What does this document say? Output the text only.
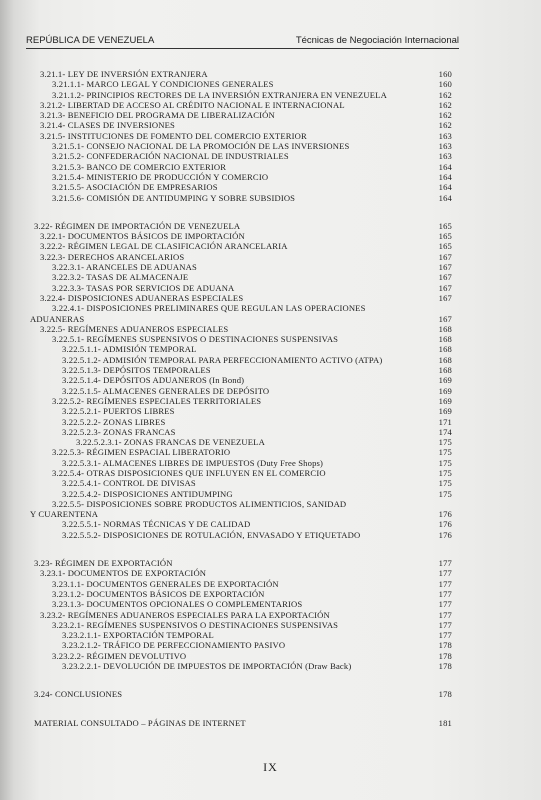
REPÚBLICA DE VENEZUELA	Técnicas de Negociación Internacional
3.21.1- LEY DE INVERSIÓN EXTRANJERA	160
3.21.1.1- MARCO LEGAL Y CONDICIONES GENERALES	160
3.21.1.2- PRINCIPIOS RECTORES DE LA INVERSIÓN EXTRANJERA EN VENEZUELA	162
3.21.2- LIBERTAD DE ACCESO AL CRÉDITO NACIONAL E INTERNACIONAL	162
3.21.3- BENEFICIO DEL PROGRAMA DE LIBERALIZACIÓN	162
3.21.4- CLASES DE INVERSIONES	162
3.21.5- INSTITUCIONES DE FOMENTO DEL COMERCIO EXTERIOR	163
3.21.5.1- CONSEJO NACIONAL DE LA PROMOCIÓN DE LAS INVERSIONES	163
3.21.5.2- CONFEDERACIÓN NACIONAL DE INDUSTRIALES	163
3.21.5.3- BANCO DE COMERCIO EXTERIOR	164
3.21.5.4- MINISTERIO DE PRODUCCIÓN Y COMERCIO	164
3.21.5.5- ASOCIACIÓN DE EMPRESARIOS	164
3.21.5.6- COMISIÓN DE ANTIDUMPING Y SOBRE SUBSIDIOS	164
3.22- RÉGIMEN DE IMPORTACIÓN DE VENEZUELA	165
3.22.1- DOCUMENTOS BÁSICOS DE IMPORTACIÓN	165
3.22.2- RÉGIMEN LEGAL DE CLASIFICACIÓN ARANCELARIA	165
3.22.3- DERECHOS ARANCELARIOS	167
3.22.3.1- ARANCELES DE ADUANAS	167
3.22.3.2- TASAS DE ALMACENAJE	167
3.22.3.3- TASAS POR SERVICIOS DE ADUANA	167
3.22.4- DISPOSICIONES ADUANERAS ESPECIALES	167
3.22.4.1- DISPOSICIONES PRELIMINARES QUE REGULAN LAS OPERACIONES
ADUANERAS	167
3.22.5- REGÍMENES ADUANEROS ESPECIALES	168
3.22.5.1- REGÍMENES SUSPENSIVOS O DESTINACIONES SUSPENSIVAS	168
3.22.5.1.1- ADMISIÓN TEMPORAL	168
3.22.5.1.2- ADMISIÓN TEMPORAL PARA PERFECCIONAMIENTO ACTIVO (ATPA)	168
3.22.5.1.3- DEPÓSITOS TEMPORALES	168
3.22.5.1.4- DEPÓSITOS ADUANEROS (In Bond)	169
3.22.5.1.5- ALMACENES GENERALES DE DEPÓSITO	169
3.22.5.2- REGÍMENES ESPECIALES TERRITORIALES	169
3.22.5.2.1- PUERTOS LIBRES	169
3.22.5.2.2- ZONAS LIBRES	171
3.22.5.2.3- ZONAS FRANCAS	174
3.22.5.2.3.1- ZONAS FRANCAS DE VENEZUELA	175
3.22.5.3- RÉGIMEN ESPACIAL LIBERATORIO	175
3.22.5.3.1- ALMACENES LIBRES DE IMPUESTOS (Duty Free Shops)	175
3.22.5.4- OTRAS DISPOSICIONES QUE INFLUYEN EN EL COMERCIO	175
3.22.5.4.1- CONTROL DE DIVISAS	175
3.22.5.4.2- DISPOSICIONES ANTIDUMPING	175
3.22.5.5- DISPOSICIONES SOBRE PRODUCTOS ALIMENTICIOS, SANIDAD
Y CUARENTENA	176
3.22.5.5.1- NORMAS TÉCNICAS Y DE CALIDAD	176
3.22.5.5.2- DISPOSICIONES DE ROTULACIÓN, ENVASADO Y ETIQUETADO	176
3.23- RÉGIMEN DE EXPORTACIÓN	177
3.23.1- DOCUMENTOS DE EXPORTACIÓN	177
3.23.1.1- DOCUMENTOS GENERALES DE EXPORTACIÓN	177
3.23.1.2- DOCUMENTOS BÁSICOS DE EXPORTACIÓN	177
3.23.1.3- DOCUMENTOS OPCIONALES O COMPLEMENTARIOS	177
3.23.2- REGÍMENES ADUANEROS ESPECIALES PARA LA EXPORTACIÓN	177
3.23.2.1- REGÍMENES SUSPENSIVOS O DESTINACIONES SUSPENSIVAS	177
3.23.2.1.1- EXPORTACIÓN TEMPORAL	177
3.23.2.1.2- TRÁFICO DE PERFECCIONAMIENTO PASIVO	178
3.23.2.2- RÉGIMEN DEVOLUTIVO	178
3.23.2.2.1- DEVOLUCIÓN DE IMPUESTOS DE IMPORTACIÓN (Draw Back)	178
3.24- CONCLUSIONES	178
MATERIAL CONSULTADO – PÁGINAS DE INTERNET	181
IX
